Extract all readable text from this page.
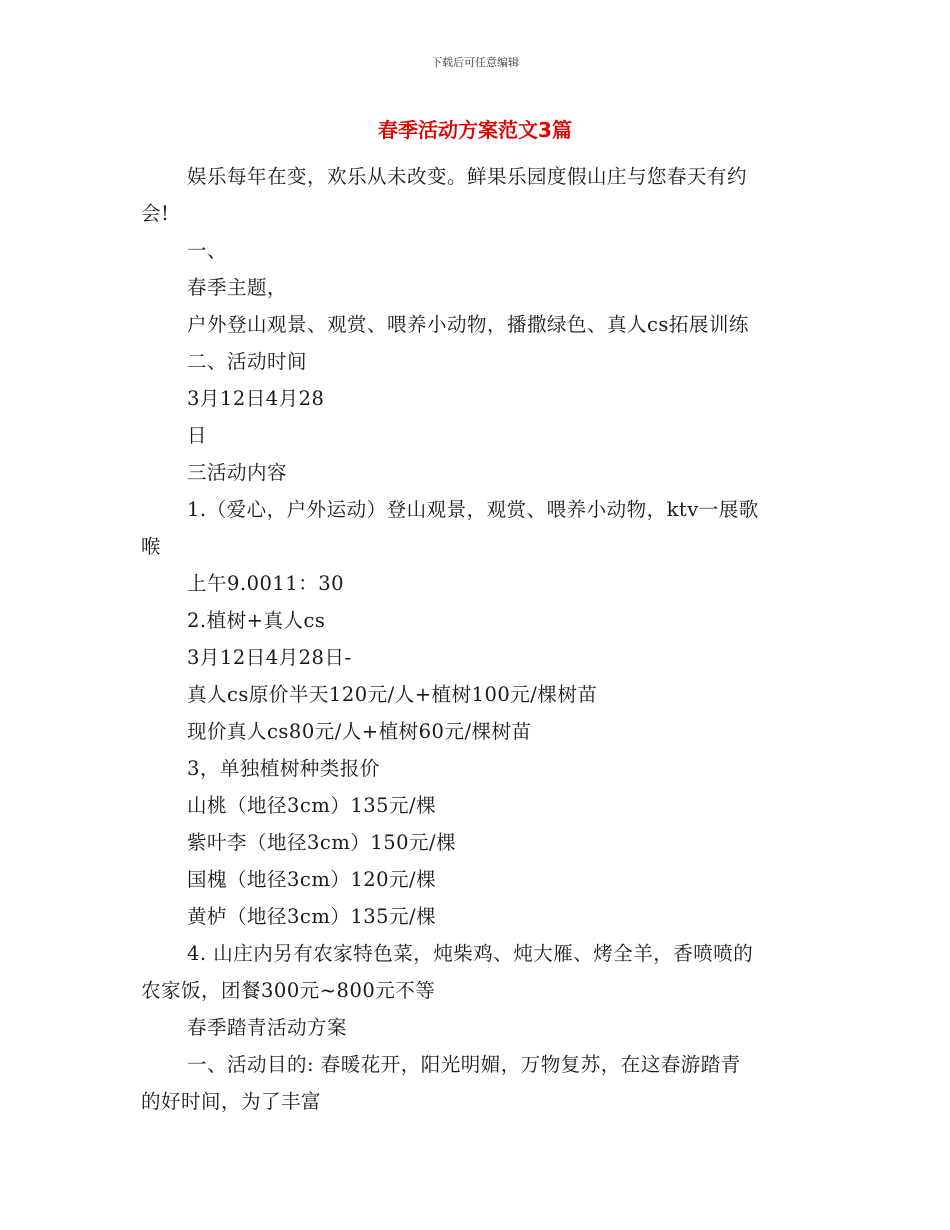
下载后可任意编辑
春季活动方案范文3篇

娱乐每年在变，欢乐从未改变。鲜果乐园度假山庄与您春天有约

会!

一、

春季主题，

户外登山观景、观赏、喂养小动物，播撒绿色、真人cs拓展训练

二、活动时间

3月12日4月28

日

三活动内容

1.（爱心，户外运动）登山观景，观赏、喂养小动物，ktv一展歌

喉

上午9.0011：30

2.植树+真人cs

3月12日4月28日-

真人cs原价半天120元/人+植树100元/棵树苗

现价真人cs80元/人+植树60元/棵树苗

3，单独植树种类报价

山桃（地径3cm）135元/棵

紫叶李（地径3cm）150元/棵

国槐（地径3cm）120元/棵

黄栌（地径3cm）135元/棵

4. 山庄内另有农家特色菜，炖柴鸡、炖大雁、烤全羊，香喷喷的

农家饭，团餐300元~800元不等

春季踏青活动方案

一、活动目的: 春暖花开，阳光明媚，万物复苏，在这春游踏青

的好时间，为了丰富
